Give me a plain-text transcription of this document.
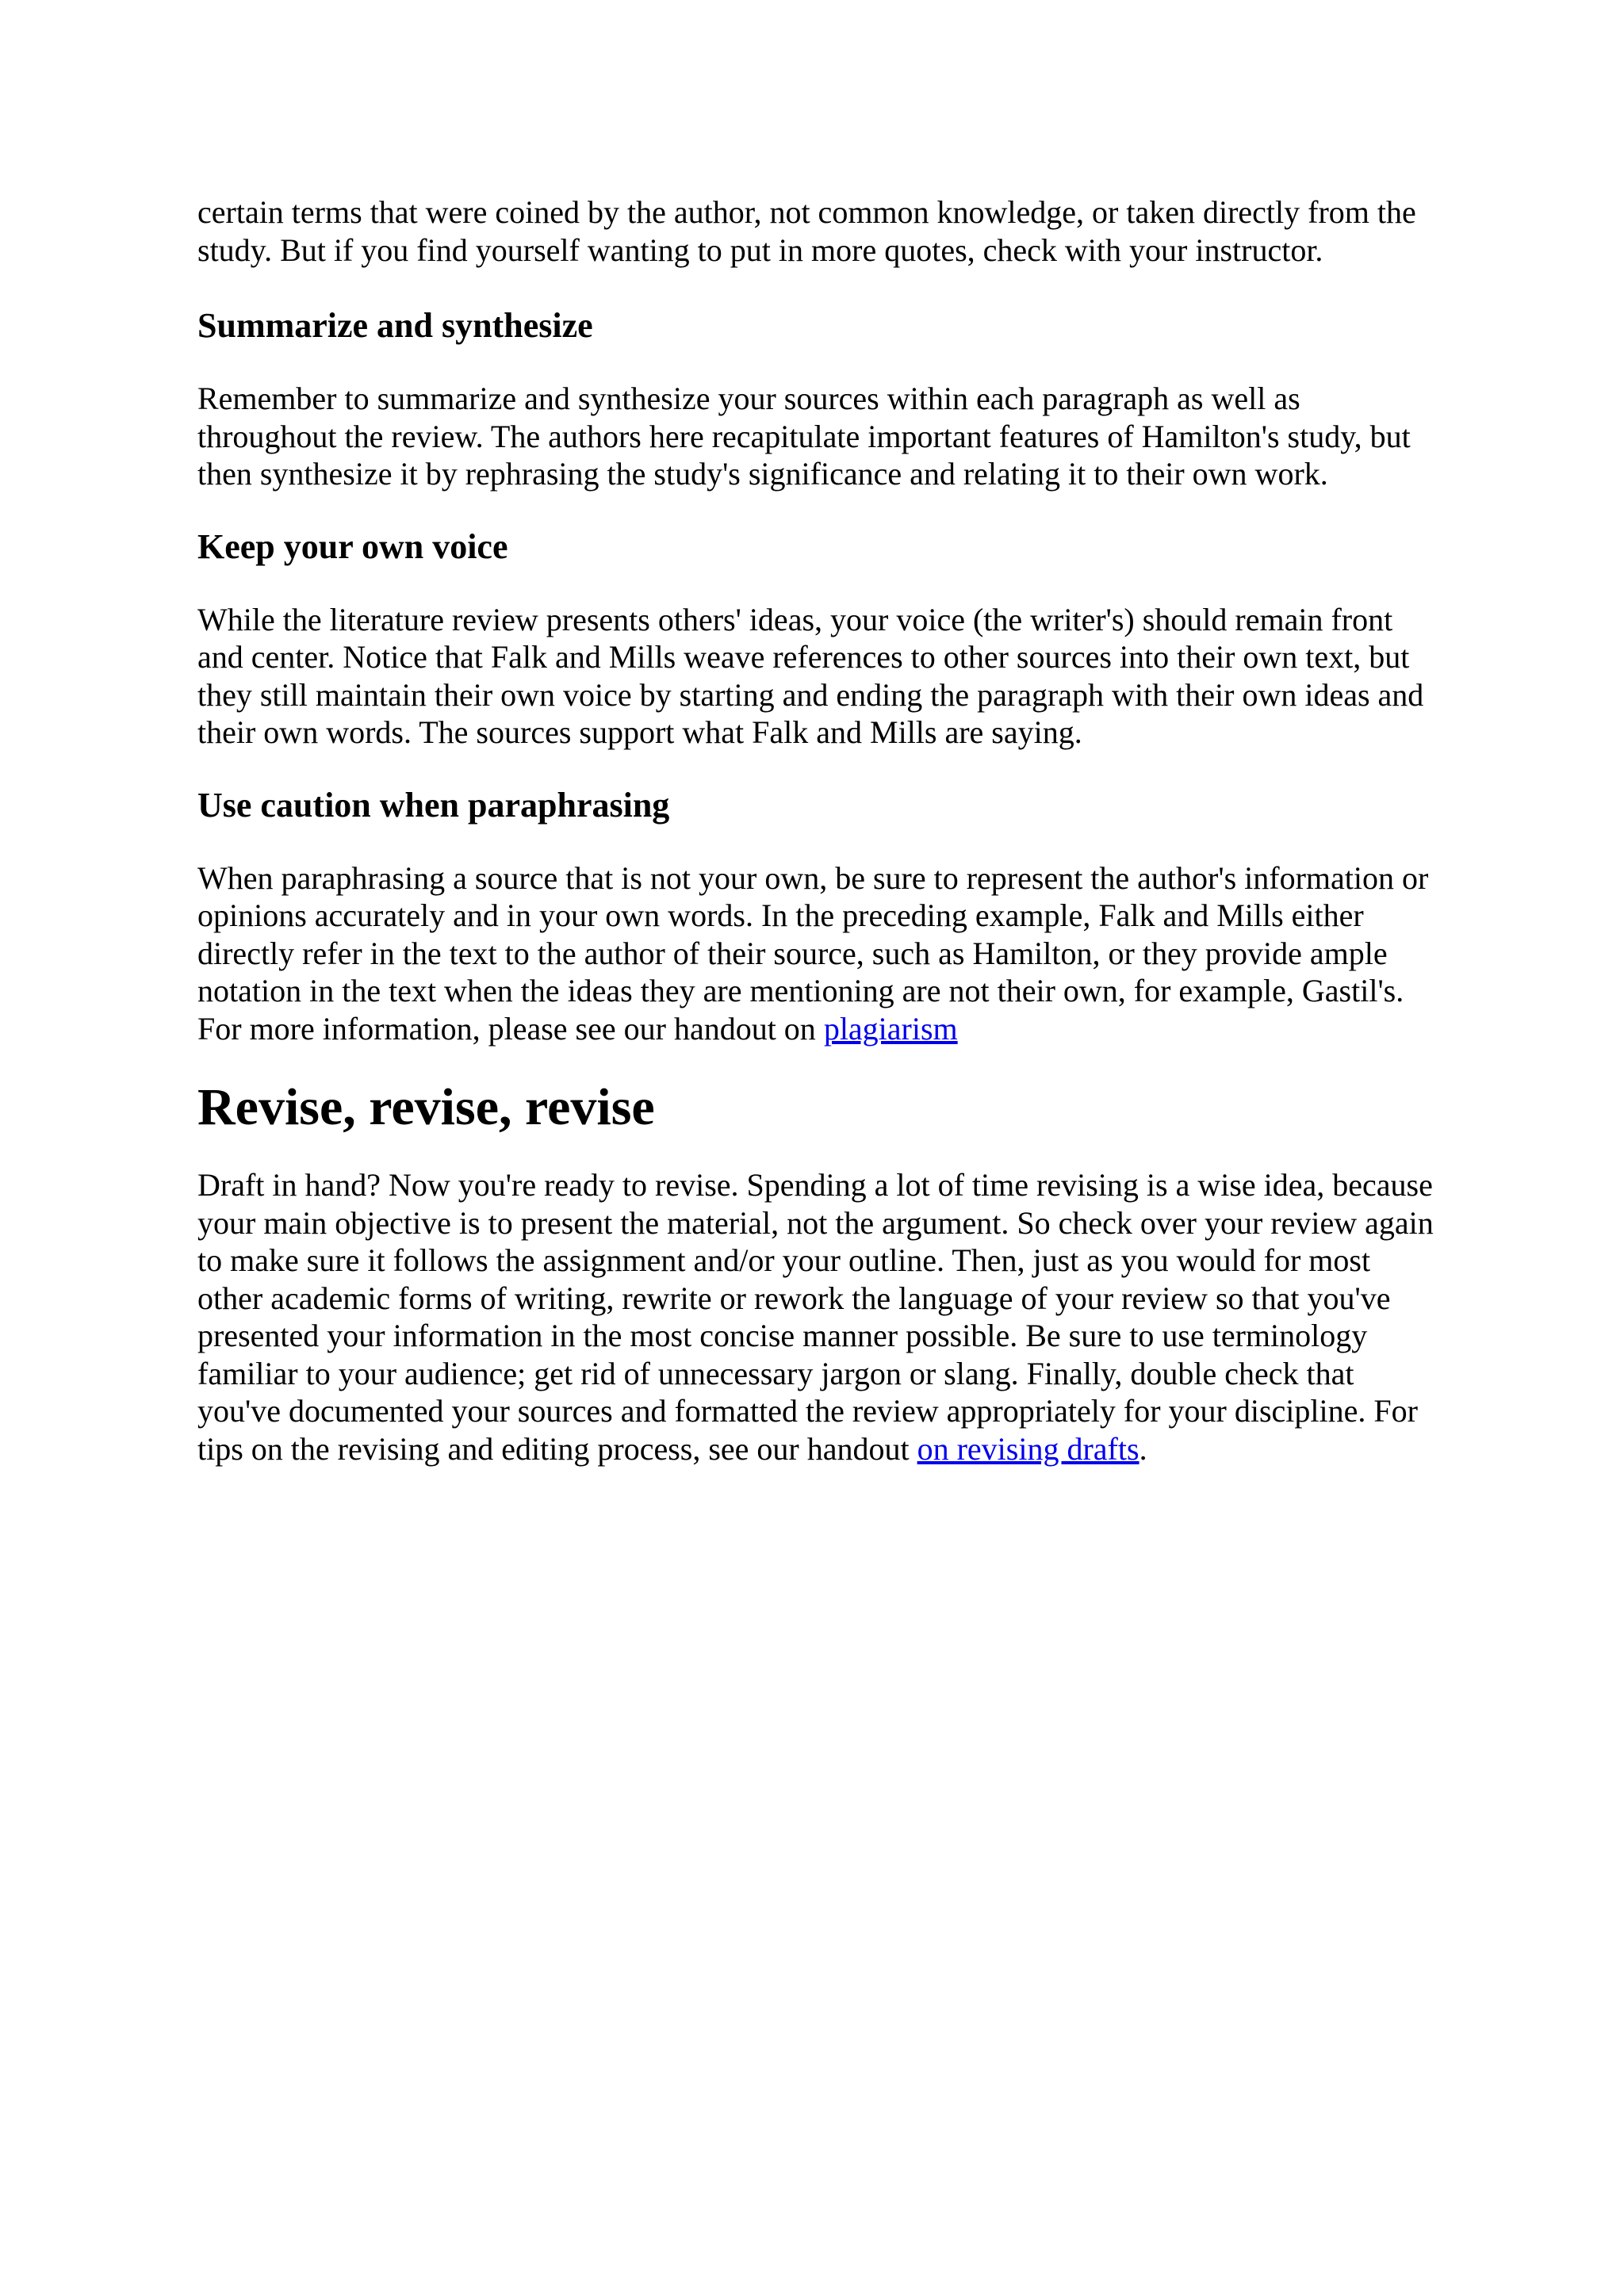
certain terms that were coined by the author, not common knowledge, or taken directly from the study. But if you find yourself wanting to put in more quotes, check with your instructor.

Summarize and synthesize

Remember to summarize and synthesize your sources within each paragraph as well as throughout the review. The authors here recapitulate important features of Hamilton's study, but then synthesize it by rephrasing the study's significance and relating it to their own work.

Keep your own voice

While the literature review presents others' ideas, your voice (the writer's) should remain front and center. Notice that Falk and Mills weave references to other sources into their own text, but they still maintain their own voice by starting and ending the paragraph with their own ideas and their own words. The sources support what Falk and Mills are saying.

Use caution when paraphrasing

When paraphrasing a source that is not your own, be sure to represent the author's information or opinions accurately and in your own words. In the preceding example, Falk and Mills either directly refer in the text to the author of their source, such as Hamilton, or they provide ample notation in the text when the ideas they are mentioning are not their own, for example, Gastil's. For more information, please see our handout on plagiarism

Revise, revise, revise

Draft in hand? Now you're ready to revise. Spending a lot of time revising is a wise idea, because your main objective is to present the material, not the argument. So check over your review again to make sure it follows the assignment and/or your outline. Then, just as you would for most other academic forms of writing, rewrite or rework the language of your review so that you've presented your information in the most concise manner possible. Be sure to use terminology familiar to your audience; get rid of unnecessary jargon or slang. Finally, double check that you've documented your sources and formatted the review appropriately for your discipline. For tips on the revising and editing process, see our handout on revising drafts.
